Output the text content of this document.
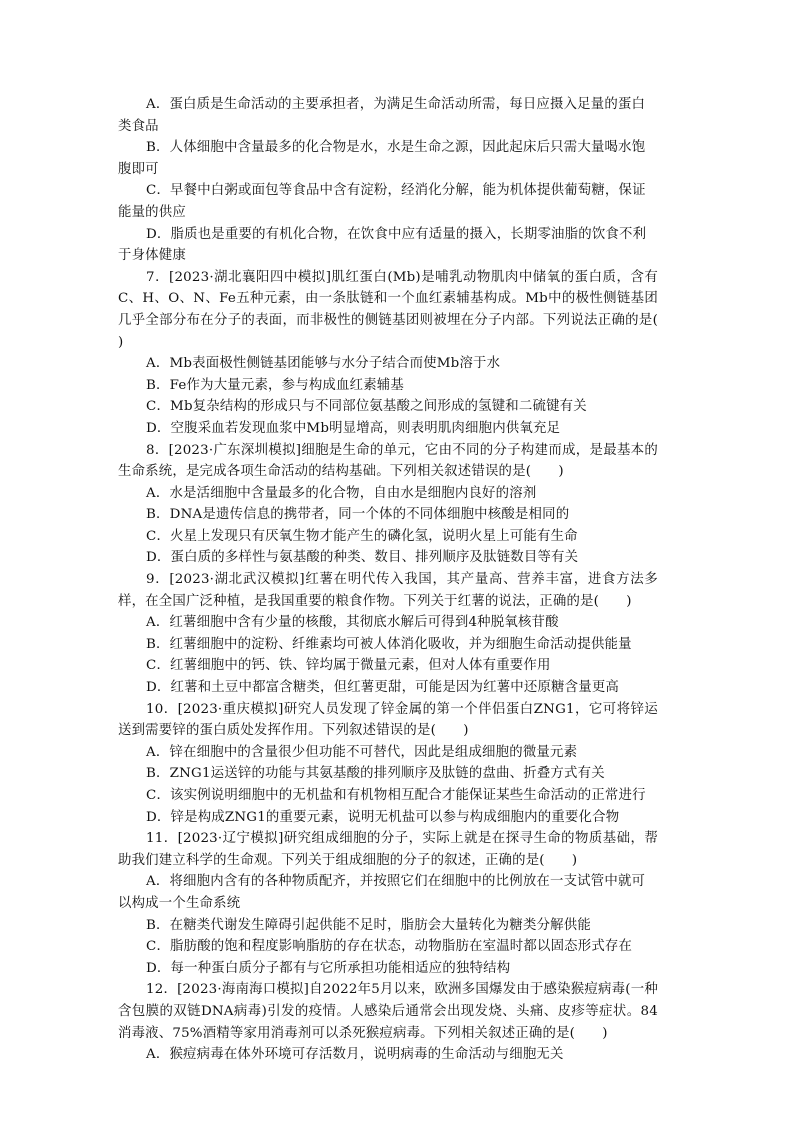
A．蛋白质是生命活动的主要承担者，为满足生命活动所需，每日应摄入足量的蛋白类食品

B．人体细胞中含量最多的化合物是水，水是生命之源，因此起床后只需大量喝水饱腹即可

C．早餐中白粥或面包等食品中含有淀粉，经消化分解，能为机体提供葡萄糖，保证能量的供应

D．脂质也是重要的有机化合物，在饮食中应有适量的摄入，长期零油脂的饮食不利于身体健康

7．[2023·湖北襄阳四中模拟]肌红蛋白(Mb)是哺乳动物肌肉中储氧的蛋白质，含有C、H、O、N、Fe五种元素，由一条肽链和一个血红素辅基构成。Mb中的极性侧链基团几乎全部分布在分子的表面，而非极性的侧链基团则被埋在分子内部。下列说法正确的是(　　)

A．Mb表面极性侧链基团能够与水分子结合而使Mb溶于水

B．Fe作为大量元素，参与构成血红素辅基

C．Mb复杂结构的形成只与不同部位氨基酸之间形成的氢键和二硫键有关

D．空腹采血若发现血浆中Mb明显增高，则表明肌肉细胞内供氧充足

8．[2023·广东深圳模拟]细胞是生命的单元，它由不同的分子构建而成，是最基本的生命系统，是完成各项生命活动的结构基础。下列相关叙述错误的是(　　)

A．水是活细胞中含量最多的化合物，自由水是细胞内良好的溶剂

B．DNA是遗传信息的携带者，同一个体的不同体细胞中核酸是相同的

C．火星上发现只有厌氧生物才能产生的磷化氢，说明火星上可能有生命

D．蛋白质的多样性与氨基酸的种类、数目、排列顺序及肽链数目等有关

9．[2023·湖北武汉模拟]红薯在明代传入我国，其产量高、营养丰富，进食方法多样，在全国广泛种植，是我国重要的粮食作物。下列关于红薯的说法，正确的是(　　)

A．红薯细胞中含有少量的核酸，其彻底水解后可得到4种脱氧核苷酸

B．红薯细胞中的淀粉、纤维素均可被人体消化吸收，并为细胞生命活动提供能量

C．红薯细胞中的钙、铁、锌均属于微量元素，但对人体有重要作用

D．红薯和土豆中都富含糖类，但红薯更甜，可能是因为红薯中还原糖含量更高

10．[2023·重庆模拟]研究人员发现了锌金属的第一个伴侣蛋白ZNG1，它可将锌运送到需要锌的蛋白质处发挥作用。下列叙述错误的是(　　)

A．锌在细胞中的含量很少但功能不可替代，因此是组成细胞的微量元素

B．ZNG1运送锌的功能与其氨基酸的排列顺序及肽链的盘曲、折叠方式有关

C．该实例说明细胞中的无机盐和有机物相互配合才能保证某些生命活动的正常进行

D．锌是构成ZNG1的重要元素，说明无机盐可以参与构成细胞内的重要化合物

11．[2023·辽宁模拟]研究组成细胞的分子，实际上就是在探寻生命的物质基础，帮助我们建立科学的生命观。下列关于组成细胞的分子的叙述，正确的是(　　)

A．将细胞内含有的各种物质配齐，并按照它们在细胞中的比例放在一支试管中就可以构成一个生命系统

B．在糖类代谢发生障碍引起供能不足时，脂肪会大量转化为糖类分解供能

C．脂肪酸的饱和程度影响脂肪的存在状态，动物脂肪在室温时都以固态形式存在

D．每一种蛋白质分子都有与它所承担功能相适应的独特结构

12．[2023·海南海口模拟]自2022年5月以来，欧洲多国爆发由于感染猴痘病毒(一种含包膜的双链DNA病毒)引发的疫情。人感染后通常会出现发烧、头痛、皮疹等症状。84消毒液、75%酒精等家用消毒剂可以杀死猴痘病毒。下列相关叙述正确的是(　　)

A．猴痘病毒在体外环境可存活数月，说明病毒的生命活动与细胞无关
